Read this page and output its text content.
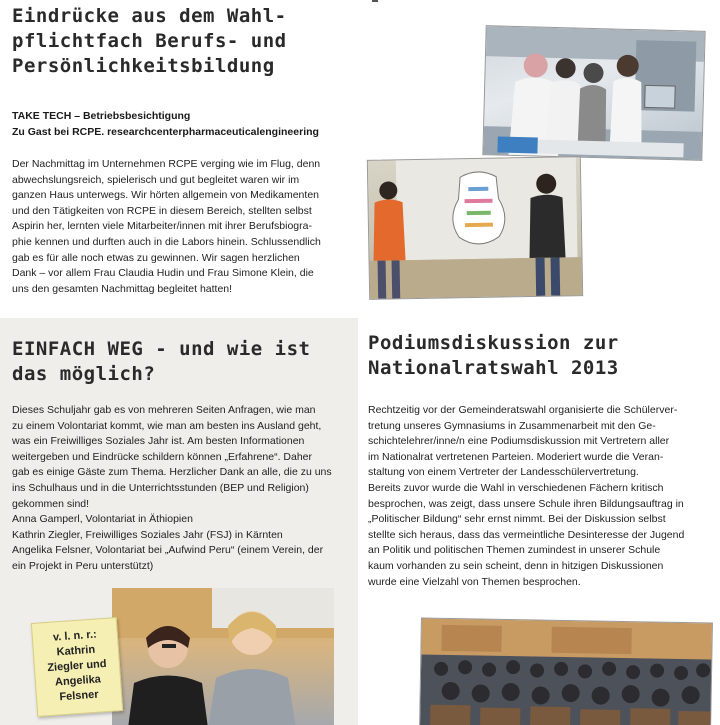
Eindrücke aus dem Wahl-
pflichtfach Berufs- und
Persönlichkeitsbildung
TAKE TECH – Betriebsbesichtigung
Zu Gast bei RCPE. researchcenterpharmaceuticalengineering
Der Nachmittag im Unternehmen RCPE verging wie im Flug, denn
abwechslungsreich, spielerisch und gut begleitet waren wir im
ganzen Haus unterwegs. Wir hörten allgemein von Medikamenten
und den Tätigkeiten von RCPE in diesem Bereich, stellten selbst
Aspirin her, lernten viele Mitarbeiter/innen mit ihrer Berufsbiogra-
phie kennen und durften auch in die Labors hinein. Schlussendlich
gab es für alle noch etwas zu gewinnen. Wir sagen herzlichen
Dank – vor allem Frau Claudia Hudin und Frau Simone Klein, die
uns den gesamten Nachmittag begleitet hatten!
EINFACH WEG - und wie ist
das möglich?
Dieses Schuljahr gab es von mehreren Seiten Anfragen, wie man
zu einem Volontariat kommt, wie man am besten ins Ausland geht,
was ein Freiwilliges Soziales Jahr ist. Am besten Informationen
weitergeben und Eindrücke schildern können „Erfahrene“. Daher
gab es einige Gäste zum Thema. Herzlicher Dank an alle, die zu uns
ins Schulhaus und in die Unterrichtsstunden (BEP und Religion)
gekommen sind!
Anna Gamperl, Volontariat in Äthiopien
Kathrin Ziegler, Freiwilliges Soziales Jahr (FSJ) in Kärnten
Angelika Felsner, Volontariat bei „Aufwind Peru“ (einem Verein, der
ein Projekt in Peru unterstützt)
v. l. n. r.:
Kathrin
Ziegler und
Angelika
Felsner
Podiumsdiskussion zur
Nationalratswahl 2013
Rechtzeitig vor der Gemeinderatswahl organisierte die Schülerver-
tretung unseres Gymnasiums in Zusammenarbeit mit den Ge-
schichtelehrer/inne/n eine Podiumsdiskussion mit Vertretern aller
im Nationalrat vertretenen Parteien. Moderiert wurde die Veran-
staltung von einem Vertreter der Landesschülervertretung.
Bereits zuvor wurde die Wahl in verschiedenen Fächern kritisch
besprochen, was zeigt, dass unsere Schule ihren Bildungsauftrag in
„Politischer Bildung“ sehr ernst nimmt. Bei der Diskussion selbst
stellte sich heraus, dass das vermeintliche Desinteresse der Jugend
an Politik und politischen Themen zumindest in unserer Schule
kaum vorhanden zu sein scheint, denn in hitzigen Diskussionen
wurde eine Vielzahl von Themen besprochen.
